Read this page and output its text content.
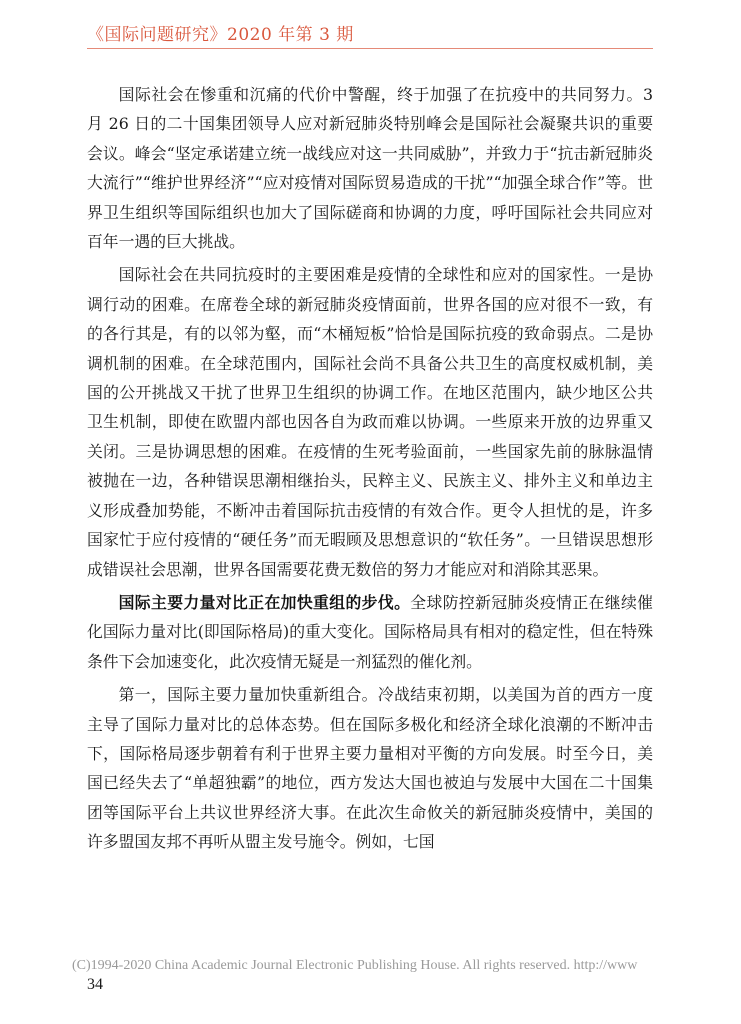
《国际问题研究》2020 年第 3 期

国际社会在惨重和沉痛的代价中警醒，终于加强了在抗疫中的共同努力。3 月 26 日的二十国集团领导人应对新冠肺炎特别峰会是国际社会凝聚共识的重要会议。峰会“坚定承诺建立统一战线应对这一共同威胁”，并致力于“抗击新冠肺炎大流行”“维护世界经济”“应对疫情对国际贸易造成的干扰”“加强全球合作”等。世界卫生组织等国际组织也加大了国际磋商和协调的力度，呼吁国际社会共同应对百年一遇的巨大挑战。

国际社会在共同抗疫时的主要困难是疫情的全球性和应对的国家性。一是协调行动的困难。在席卷全球的新冠肺炎疫情面前，世界各国的应对很不一致，有的各行其是，有的以邻为壑，而“木桶短板”恰恰是国际抗疫的致命弱点。二是协调机制的困难。在全球范围内，国际社会尚不具备公共卫生的高度权威机制，美国的公开挑战又干扰了世界卫生组织的协调工作。在地区范围内，缺少地区公共卫生机制，即使在欧盟内部也因各自为政而难以协调。一些原来开放的边界重又关闭。三是协调思想的困难。在疫情的生死考验面前，一些国家先前的脉脉温情被抛在一边，各种错误思潮相继抬头，民粹主义、民族主义、排外主义和单边主义形成叠加势能，不断冲击着国际抗击疫情的有效合作。更令人担忧的是，许多国家忙于应付疫情的“硬任务”而无暇顾及思想意识的“软任务”。一旦错误思想形成错误社会思潮，世界各国需要花费无数倍的努力才能应对和消除其恶果。

国际主要力量对比正在加快重组的步伐。全球防控新冠肺炎疫情正在继续催化国际力量对比(即国际格局)的重大变化。国际格局具有相对的稳定性，但在特殊条件下会加速变化，此次疫情无疑是一剂猛烈的催化剂。

第一，国际主要力量加快重新组合。冷战结束初期，以美国为首的西方一度主导了国际力量对比的总体态势。但在国际多极化和经济全球化浪潮的不断冲击下，国际格局逐步朝着有利于世界主要力量相对平衡的方向发展。时至今日，美国已经失去了“单超独霸”的地位，西方发达大国也被迫与发展中大国在二十国集团等国际平台上共议世界经济大事。在此次生命攸关的新冠肺炎疫情中，美国的许多盟国友邦不再听从盟主发号施令。例如，七国

(C)1994-2020 China Academic Journal Electronic Publishing House. All rights reserved. http://www
34
